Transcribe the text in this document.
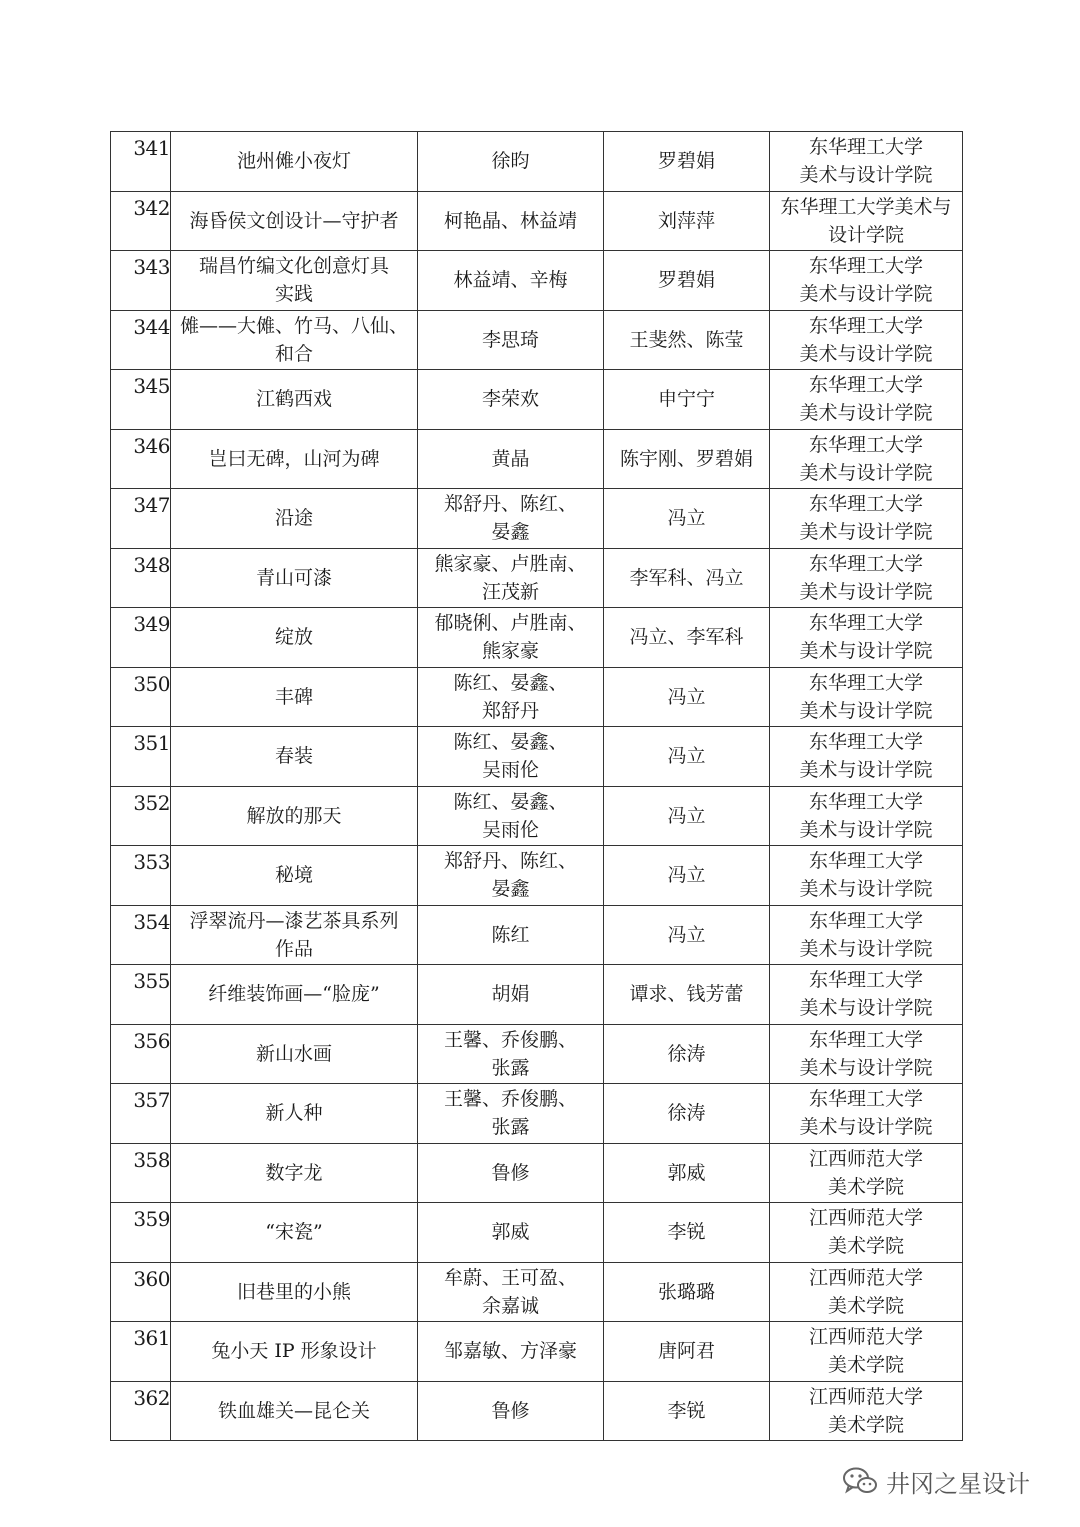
341	池州傩小夜灯	徐昀	罗碧娟	东华理工大学
美术与设计学院
342	海昏侯文创设计—守护者	柯艳晶、林益靖	刘萍萍	东华理工大学美术与
设计学院
343	瑞昌竹编文化创意灯具
实践	林益靖、辛梅	罗碧娟	东华理工大学
美术与设计学院
344	傩——大傩、竹马、八仙、
和合	李思琦	王斐然、陈莹	东华理工大学
美术与设计学院
345	江鹤西戏	李荣欢	申宁宁	东华理工大学
美术与设计学院
346	岂曰无碑，山河为碑	黄晶	陈宇刚、罗碧娟	东华理工大学
美术与设计学院
347	沿途	郑舒丹、陈红、
晏鑫	冯立	东华理工大学
美术与设计学院
348	青山可漆	熊家豪、卢胜南、
汪茂新	李军科、冯立	东华理工大学
美术与设计学院
349	绽放	郁晓俐、卢胜南、
熊家豪	冯立、李军科	东华理工大学
美术与设计学院
350	丰碑	陈红、晏鑫、
郑舒丹	冯立	东华理工大学
美术与设计学院
351	春装	陈红、晏鑫、
吴雨伦	冯立	东华理工大学
美术与设计学院
352	解放的那天	陈红、晏鑫、
吴雨伦	冯立	东华理工大学
美术与设计学院
353	秘境	郑舒丹、陈红、
晏鑫	冯立	东华理工大学
美术与设计学院
354	浮翠流丹—漆艺茶具系列
作品	陈红	冯立	东华理工大学
美术与设计学院
355	纤维装饰画—“脸庞”	胡娟	谭求、钱芳蕾	东华理工大学
美术与设计学院
356	新山水画	王馨、乔俊鹏、
张露	徐涛	东华理工大学
美术与设计学院
357	新人种	王馨、乔俊鹏、
张露	徐涛	东华理工大学
美术与设计学院
358	数字龙	鲁修	郭威	江西师范大学
美术学院
359	“宋瓷”	郭威	李锐	江西师范大学
美术学院
360	旧巷里的小熊	牟蔚、王可盈、
余嘉诚	张璐璐	江西师范大学
美术学院
361	兔小天 IP 形象设计	邹嘉敏、方泽豪	唐阿君	江西师范大学
美术学院
362	铁血雄关—昆仑关	鲁修	李锐	江西师范大学
美术学院
井冈之星设计
